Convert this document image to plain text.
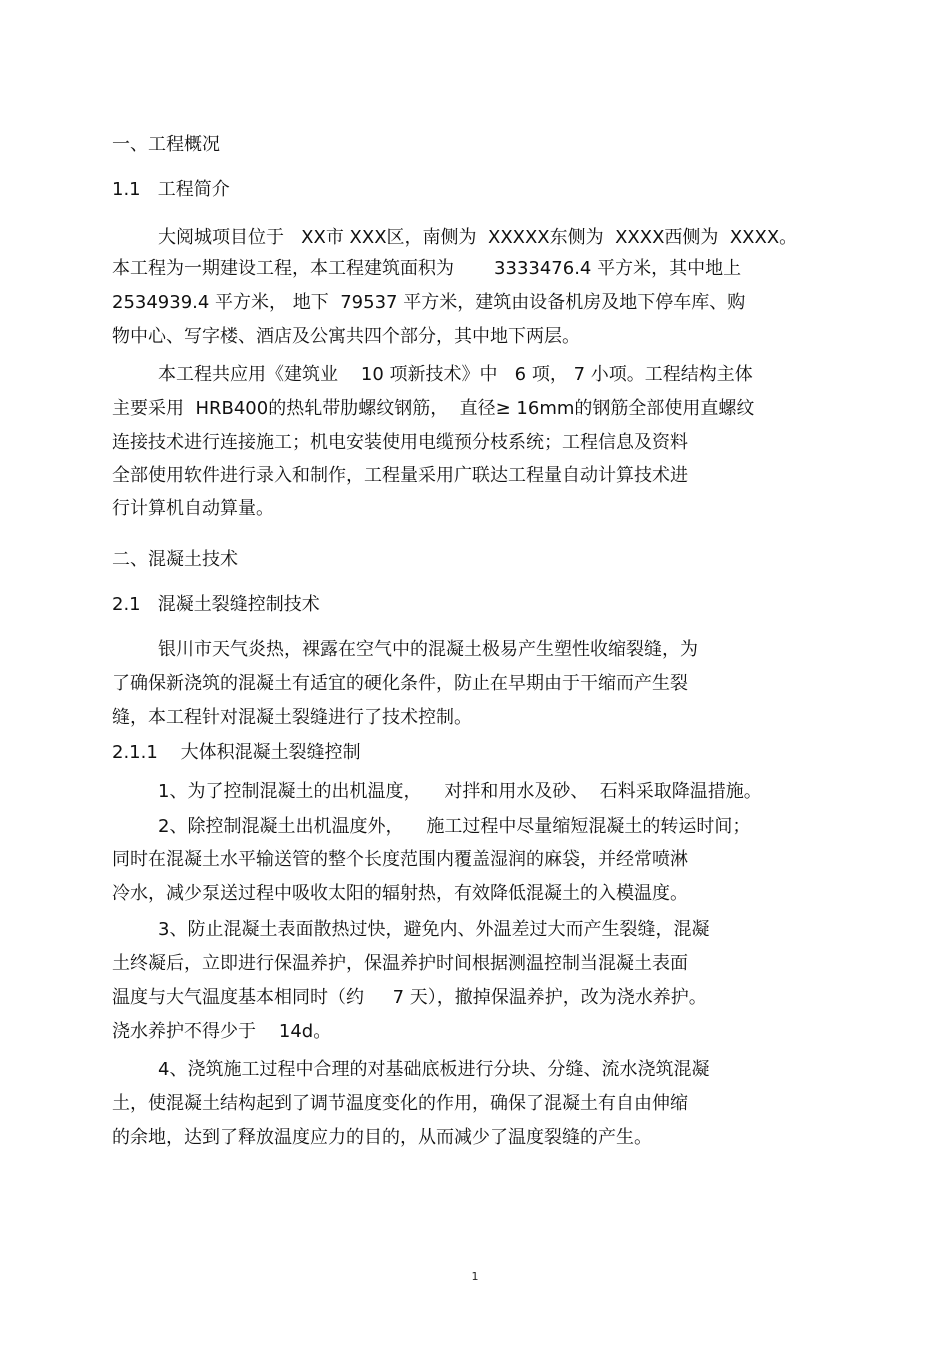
一、工程概况
1.1   工程简介
大阅城项目位于   XX市 XXX区，南侧为  XXXXX东侧为  XXXX西侧为  XXXX。
本工程为一期建设工程，本工程建筑面积为       3333476.4 平方米，其中地上
2534939.4 平方米， 地下  79537 平方米，建筑由设备机房及地下停车库、购
物中心、写字楼、酒店及公寓共四个部分，其中地下两层。
本工程共应用《建筑业    10 项新技术》中   6 项， 7 小项。工程结构主体
主要采用  HRB400的热轧带肋螺纹钢筋，  直径≥ 16mm的钢筋全部使用直螺纹
连接技术进行连接施工；机电安装使用电缆预分枝系统；工程信息及资料
全部使用软件进行录入和制作，工程量采用广联达工程量自动计算技术进
行计算机自动算量。
二、混凝土技术
2.1   混凝土裂缝控制技术
银川市天气炎热，裸露在空气中的混凝土极易产生塑性收缩裂缝，为
了确保新浇筑的混凝土有适宜的硬化条件，防止在早期由于干缩而产生裂
缝，本工程针对混凝土裂缝进行了技术控制。
2.1.1    大体积混凝土裂缝控制
1、为了控制混凝土的出机温度，    对拌和用水及砂、  石料采取降温措施。
2、除控制混凝土出机温度外，    施工过程中尽量缩短混凝土的转运时间；
同时在混凝土水平输送管的整个长度范围内覆盖湿润的麻袋，并经常喷淋
冷水，减少泵送过程中吸收太阳的辐射热，有效降低混凝土的入模温度。
3、防止混凝土表面散热过快，避免内、外温差过大而产生裂缝，混凝
土终凝后，立即进行保温养护，保温养护时间根据测温控制当混凝土表面
温度与大气温度基本相同时（约     7 天），撤掉保温养护，改为浇水养护。
浇水养护不得少于    14d。
4、浇筑施工过程中合理的对基础底板进行分块、分缝、流水浇筑混凝
土，使混凝土结构起到了调节温度变化的作用，确保了混凝土有自由伸缩
的余地，达到了释放温度应力的目的，从而减少了温度裂缝的产生。
1
